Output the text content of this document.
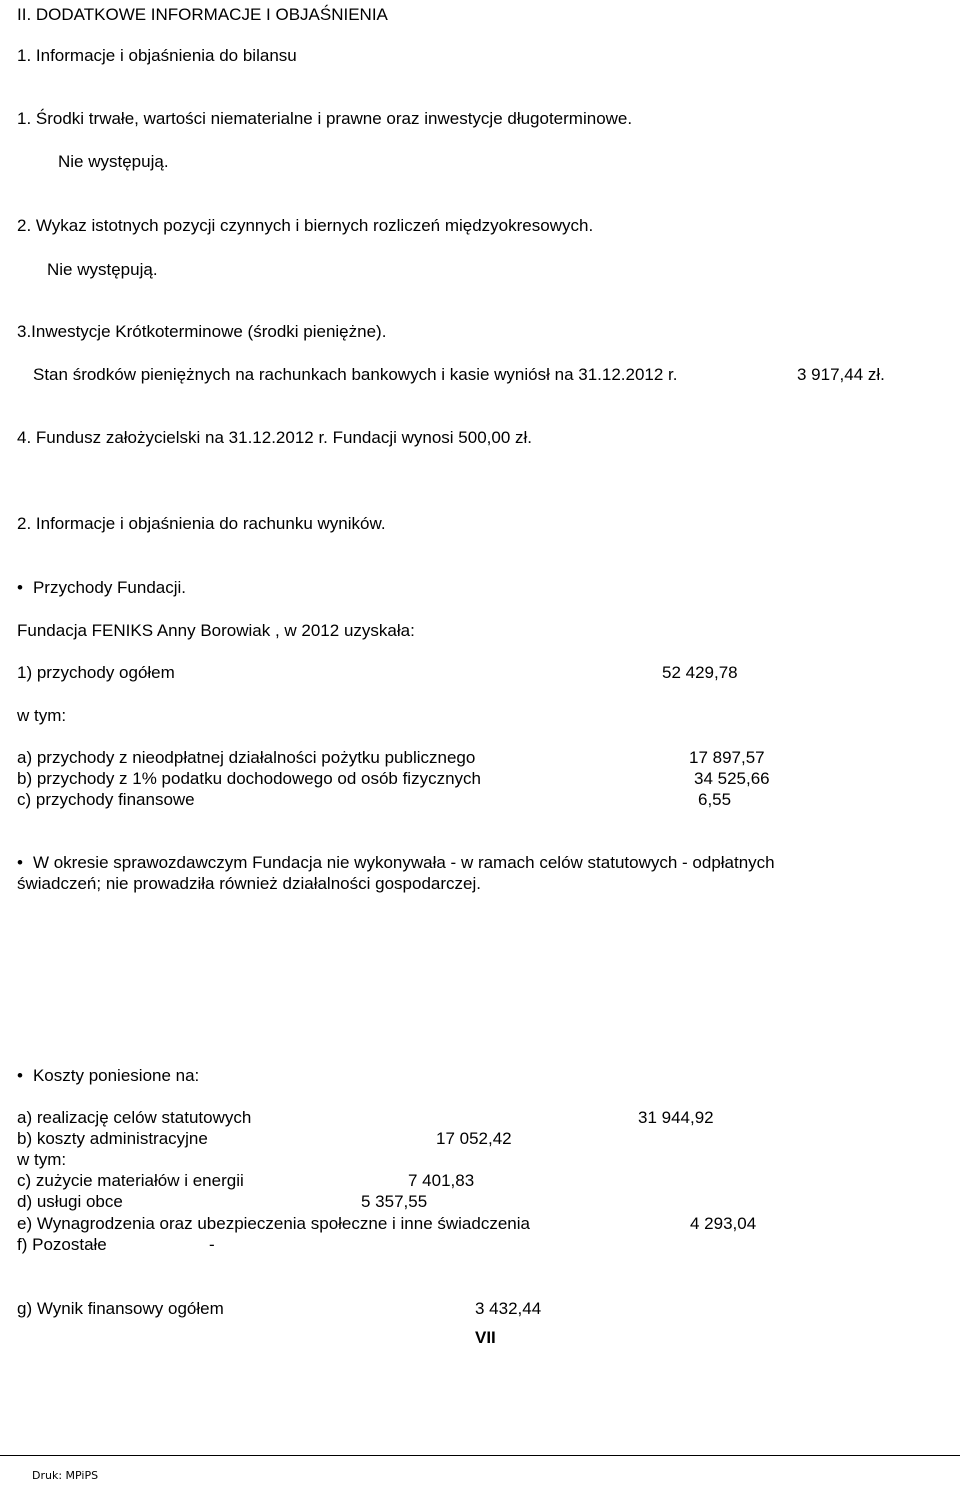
II. DODATKOWE INFORMACJE I OBJAŚNIENIA
1. Informacje i objaśnienia do bilansu
1. Środki trwałe, wartości niematerialne i prawne oraz inwestycje długoterminowe.
Nie występują.
2. Wykaz istotnych pozycji czynnych i biernych rozliczeń międzyokresowych.
Nie występują.
3.Inwestycje Krótkoterminowe (środki pieniężne).
Stan środków pieniężnych na rachunkach bankowych i kasie wyniósł na 31.12.2012 r.	3 917,44 zł.
4. Fundusz założycielski na 31.12.2012 r. Fundacji wynosi 500,00 zł.
2. Informacje i objaśnienia do rachunku wyników.
• Przychody Fundacji.
Fundacja FENIKS Anny Borowiak , w 2012 uzyskała:
1) przychody ogółem	52 429,78
w tym:
a) przychody z nieodpłatnej działalności pożytku publicznego	17 897,57
b) przychody z 1% podatku dochodowego od osób fizycznych	34 525,66
c) przychody finansowe	6,55
• W okresie sprawozdawczym Fundacja nie wykonywała - w ramach celów statutowych - odpłatnych
świadczeń; nie prowadziła również działalności gospodarczej.
• Koszty poniesione na:
a) realizację celów statutowych	31 944,92
b) koszty administracyjne	17 052,42
w tym:
c) zużycie materiałów i energii	7 401,83
d) usługi obce	5 357,55
e) Wynagrodzenia oraz ubezpieczenia społeczne i inne świadczenia	4 293,04
f) Pozostałe	-
g) Wynik finansowy ogółem	3 432,44
VII
Druk: MPiPS
